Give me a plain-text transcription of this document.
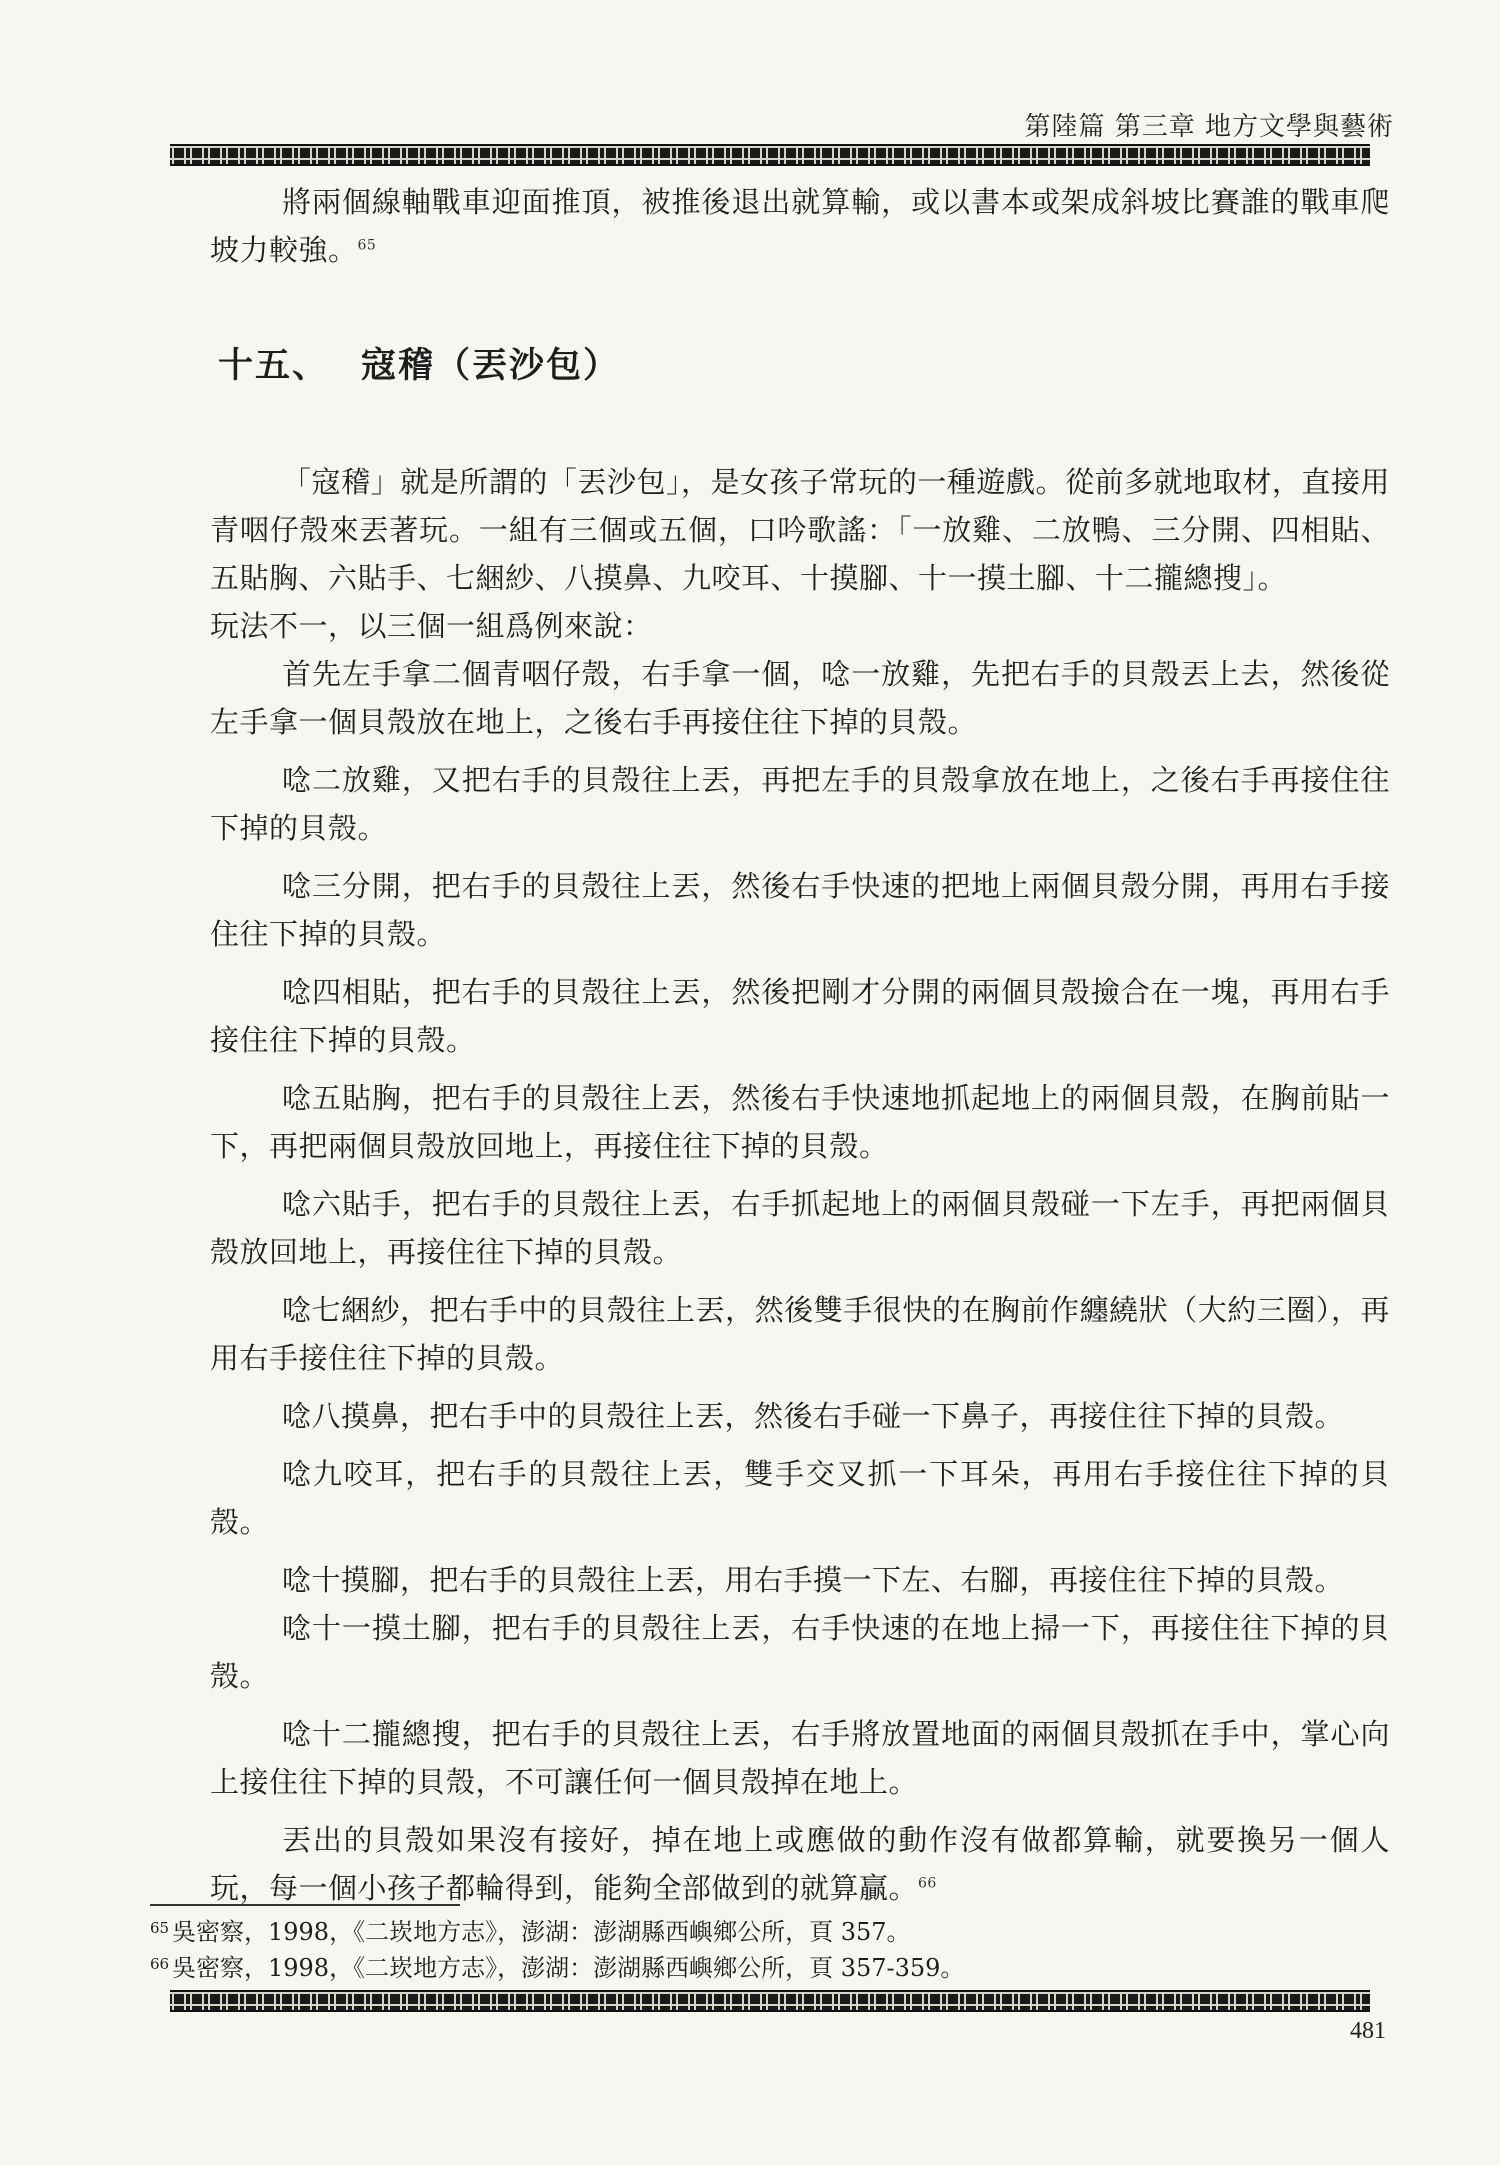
第陸篇 第三章 地方文學與藝術

將兩個線軸戰車迎面推頂，被推後退出就算輸，或以書本或架成斜坡比賽誰的戰車爬坡力較強。$^{65}$

十五、 寇稽（丟沙包）

「寇稽」就是所謂的「丟沙包」，是女孩子常玩的一種遊戲。從前多就地取材，直接用青咽仔殼來丟著玩。一組有三個或五個，口吟歌謠：「一放雞、二放鴨、三分開、四相貼、五貼胸、六貼手、七綑紗、八摸鼻、九咬耳、十摸腳、十一摸土腳、十二攏總搜」。

玩法不一，以三個一組爲例來說：

首先左手拿二個青咽仔殼，右手拿一個，唸一放雞，先把右手的貝殼丟上去，然後從左手拿一個貝殼放在地上，之後右手再接住往下掉的貝殼。

唸二放雞，又把右手的貝殼往上丟，再把左手的貝殼拿放在地上，之後右手再接住往下掉的貝殼。

唸三分開，把右手的貝殼往上丟，然後右手快速的把地上兩個貝殼分開，再用右手接住往下掉的貝殼。

唸四相貼，把右手的貝殼往上丟，然後把剛才分開的兩個貝殼撿合在一塊，再用右手接住往下掉的貝殼。

唸五貼胸，把右手的貝殼往上丟，然後右手快速地抓起地上的兩個貝殼，在胸前貼一下，再把兩個貝殼放回地上，再接住往下掉的貝殼。

唸六貼手，把右手的貝殼往上丟，右手抓起地上的兩個貝殼碰一下左手，再把兩個貝殼放回地上，再接住往下掉的貝殼。

唸七綑紗，把右手中的貝殼往上丟，然後雙手很快的在胸前作纏繞狀（大約三圈），再用右手接住往下掉的貝殼。

唸八摸鼻，把右手中的貝殼往上丟，然後右手碰一下鼻子，再接住往下掉的貝殼。

唸九咬耳，把右手的貝殼往上丟，雙手交叉抓一下耳朵，再用右手接住往下掉的貝殼。

唸十摸腳，把右手的貝殼往上丟，用右手摸一下左、右腳，再接住往下掉的貝殼。

唸十一摸土腳，把右手的貝殼往上丟，右手快速的在地上掃一下，再接住往下掉的貝殼。

唸十二攏總搜，把右手的貝殼往上丟，右手將放置地面的兩個貝殼抓在手中，掌心向上接住往下掉的貝殼，不可讓任何一個貝殼掉在地上。

丟出的貝殼如果沒有接好，掉在地上或應做的動作沒有做都算輸，就要換另一個人玩，每一個小孩子都輪得到，能夠全部做到的就算贏。$^{66}$

65 吳密察，1998，《二崁地方志》，澎湖：澎湖縣西嶼鄉公所，頁 357。
66 吳密察，1998，《二崁地方志》，澎湖：澎湖縣西嶼鄉公所，頁 357-359。
481
